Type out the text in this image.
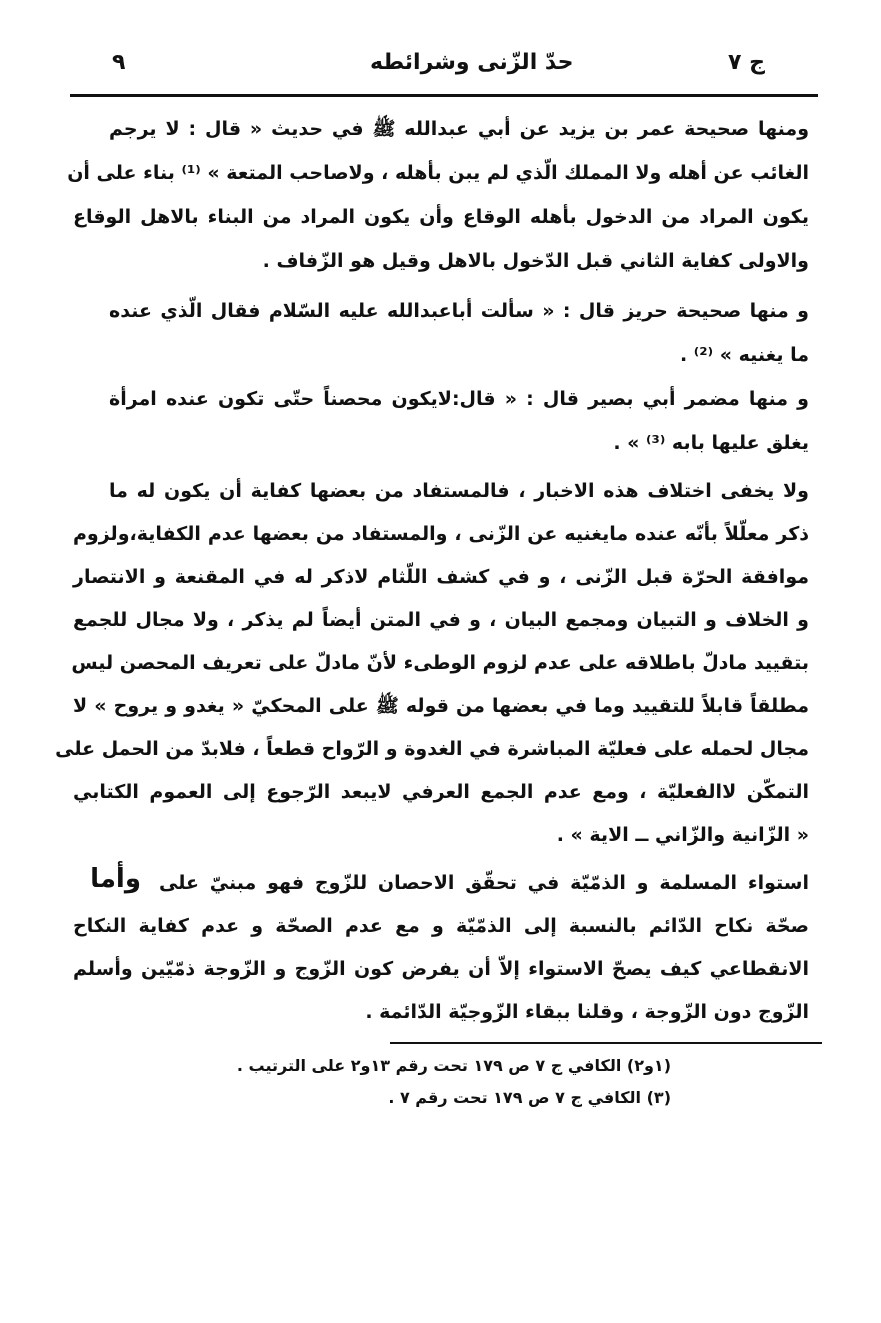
٩	حدّ الزّنى وشرائطه	ج ٧
ومنها صحيحة عمر بن يزيد عن أبي عبدالله ﷺ في حديث « قال : لا يرجم
الغائب عن أهله ولا المملك الّذي لم يبن بأهله ، ولاصاحب المتعة » ⁽¹⁾ بناء على أن
يكون المراد من الدخول بأهله الوقاع وأن يكون المراد من البناء بالاهل الوقاع
والاولى كفاية الثاني قبل الدّخول بالاهل وقيل هو الزّفاف .
و منها صحيحة حريز قال : « سألت أباعبدالله عليه السّلام فقال الّذي عنده
ما يغنيه » ⁽²⁾ .
و منها مضمر أبي بصير قال : « قال:لايكون محصناً حتّى تكون عنده امرأة
يغلق عليها بابه ⁽³⁾ » .
ولا يخفى اختلاف هذه الاخبار ، فالمستفاد من بعضها كفاية أن يكون له ما
ذكر معلّلاً بأنّه عنده مايغنيه عن الزّنى ، والمستفاد من بعضها عدم الكفاية،ولزوم
موافقة الحرّة قبل الزّنى ، و في كشف اللّثام لاذكر له في المقنعة و الانتصار
و الخلاف و التبيان ومجمع البيان ، و في المتن أيضاً لم يذكر ، ولا مجال للجمع
بتقييد مادلّ باطلاقه على عدم لزوم الوطىء لأنّ مادلّ على تعريف المحصن ليس
مطلقاً قابلاً للتقييد وما في بعضها من قوله ﷺ على المحكيّ « يغدو و يروح » لا
مجال لحمله على فعليّة المباشرة في الغدوة و الرّواح قطعاً ، فلابدّ من الحمل على
التمكّن لاالفعليّة ، ومع عدم الجمع العرفي لايبعد الرّجوع إلى العموم الكتابي
« الزّانية والزّاني ــ الاية » .
وأما استواء المسلمة و الذمّيّة في تحقّق الاحصان للزّوج فهو مبنيّ على
صحّة نكاح الدّائم بالنسبة إلى الذمّيّة و مع عدم الصحّة و عدم كفاية النكاح
الانقطاعي كيف يصحّ الاستواء إلاّ أن يفرض كون الزّوج و الزّوجة ذمّيّين وأسلم
الزّوج دون الزّوجة ، وقلنا ببقاء الزّوجيّة الدّائمة .
(١و٢) الكافي ج ٧ ص ١٧٩ تحت رقم ١٣و٢ على الترتيب .
(٣) الكافي ج ٧ ص ١٧٩ تحت رقم ٧ .
